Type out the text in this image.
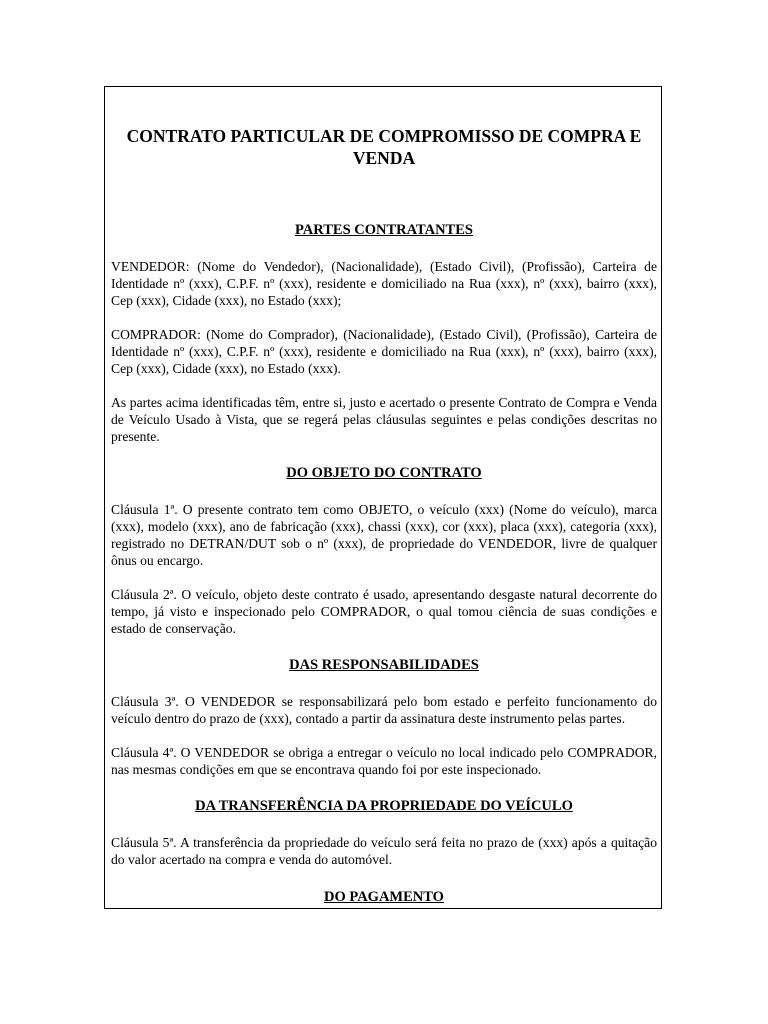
CONTRATO PARTICULAR DE COMPROMISSO DE COMPRA E VENDA
PARTES CONTRATANTES

VENDEDOR: (Nome do Vendedor), (Nacionalidade), (Estado Civil), (Profissão), Carteira de Identidade nº (xxx), C.P.F. nº (xxx), residente e domiciliado na Rua (xxx), nº (xxx), bairro (xxx), Cep (xxx), Cidade (xxx), no Estado (xxx);

COMPRADOR: (Nome do Comprador), (Nacionalidade), (Estado Civil), (Profissão), Carteira de Identidade nº (xxx), C.P.F. nº (xxx), residente e domiciliado na Rua (xxx), nº (xxx), bairro (xxx), Cep (xxx), Cidade (xxx), no Estado (xxx).

As partes acima identificadas têm, entre si, justo e acertado o presente Contrato de Compra e Venda de Veículo Usado à Vista, que se regerá pelas cláusulas seguintes e pelas condições descritas no presente.

DO OBJETO DO CONTRATO

Cláusula 1ª. O presente contrato tem como OBJETO, o veículo (xxx) (Nome do veículo), marca (xxx), modelo (xxx), ano de fabricação (xxx), chassi (xxx), cor (xxx), placa (xxx), categoria (xxx), registrado no DETRAN/DUT sob o nº (xxx), de propriedade do VENDEDOR, livre de qualquer ônus ou encargo.

Cláusula 2ª. O veículo, objeto deste contrato é usado, apresentando desgaste natural decorrente do tempo, já visto e inspecionado pelo COMPRADOR, o qual tomou ciência de suas condições e estado de conservação.

DAS RESPONSABILIDADES

Cláusula 3ª. O VENDEDOR se responsabilizará pelo bom estado e perfeito funcionamento do veículo dentro do prazo de (xxx), contado a partir da assinatura deste instrumento pelas partes.

Cláusula 4ª. O VENDEDOR se obriga a entregar o veículo no local indicado pelo COMPRADOR, nas mesmas condições em que se encontrava quando foi por este inspecionado.

DA TRANSFERÊNCIA DA PROPRIEDADE DO VEÍCULO

Cláusula 5ª. A transferência da propriedade do veículo será feita no prazo de (xxx) após a quitação do valor acertado na compra e venda do automóvel.

DO PAGAMENTO
